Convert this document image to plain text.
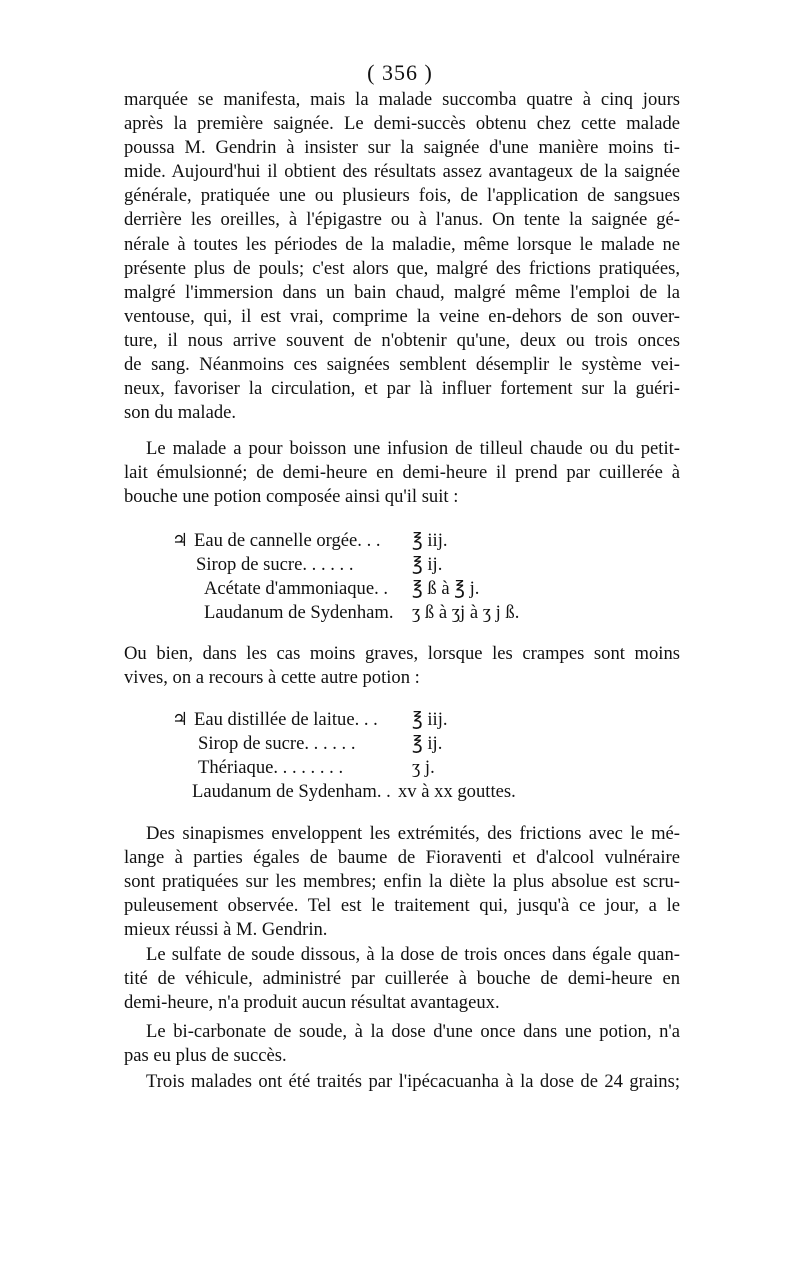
( 356 )
marquée se manifesta, mais la malade succomba quatre à cinq jours
après la première saignée. Le demi-succès obtenu chez cette malade
poussa M. Gendrin à insister sur la saignée d'une manière moins ti-
mide. Aujourd'hui il obtient des résultats assez avantageux de la saignée
générale, pratiquée une ou plusieurs fois, de l'application de sangsues
derrière les oreilles, à l'épigastre ou à l'anus. On tente la saignée gé-
nérale à toutes les périodes de la maladie, même lorsque le malade ne
présente plus de pouls; c'est alors que, malgré des frictions pratiquées,
malgré l'immersion dans un bain chaud, malgré même l'emploi de la
ventouse, qui, il est vrai, comprime la veine en-dehors de son ouver-
ture, il nous arrive souvent de n'obtenir qu'une, deux ou trois onces
de sang. Néanmoins ces saignées semblent désemplir le système vei-
neux, favoriser la circulation, et par là influer fortement sur la guéri-
son du malade.
Le malade a pour boisson une infusion de tilleul chaude ou du petit-
lait émulsionné; de demi-heure en demi-heure il prend par cuillerée à
bouche une potion composée ainsi qu'il suit :
♃ Eau de cannelle orgée. . . ℥ iij.
Sirop de sucre. . . . . .	℥ ij.
Acétate d'ammoniaque. . ℥ ß à ℥ j.
Laudanum de Sydenham. ʒ ß à ʒj à ʒ j ß.
Ou bien, dans les cas moins graves, lorsque les crampes sont moins
vives, on a recours à cette autre potion :
♃ Eau distillée de laitue. . . ℥ iij.
Sirop de sucre. . . . . .	℥ ij.
Thériaque. . . . . . . .	ʒ j.
Laudanum de Sydenham. . xv à xx gouttes.
Des sinapismes enveloppent les extrémités, des frictions avec le mé-
lange à parties égales de baume de Fioraventi et d'alcool vulnéraire
sont pratiquées sur les membres; enfin la diète la plus absolue est scru-
puleusement observée. Tel est le traitement qui, jusqu'à ce jour, a le
mieux réussi à M. Gendrin.
Le sulfate de soude dissous, à la dose de trois onces dans égale quan-
tité de véhicule, administré par cuillerée à bouche de demi-heure en
demi-heure, n'a produit aucun résultat avantageux.
Le bi-carbonate de soude, à la dose d'une once dans une potion, n'a
pas eu plus de succès.
Trois malades ont été traités par l'ipécacuanha à la dose de 24 grains;
